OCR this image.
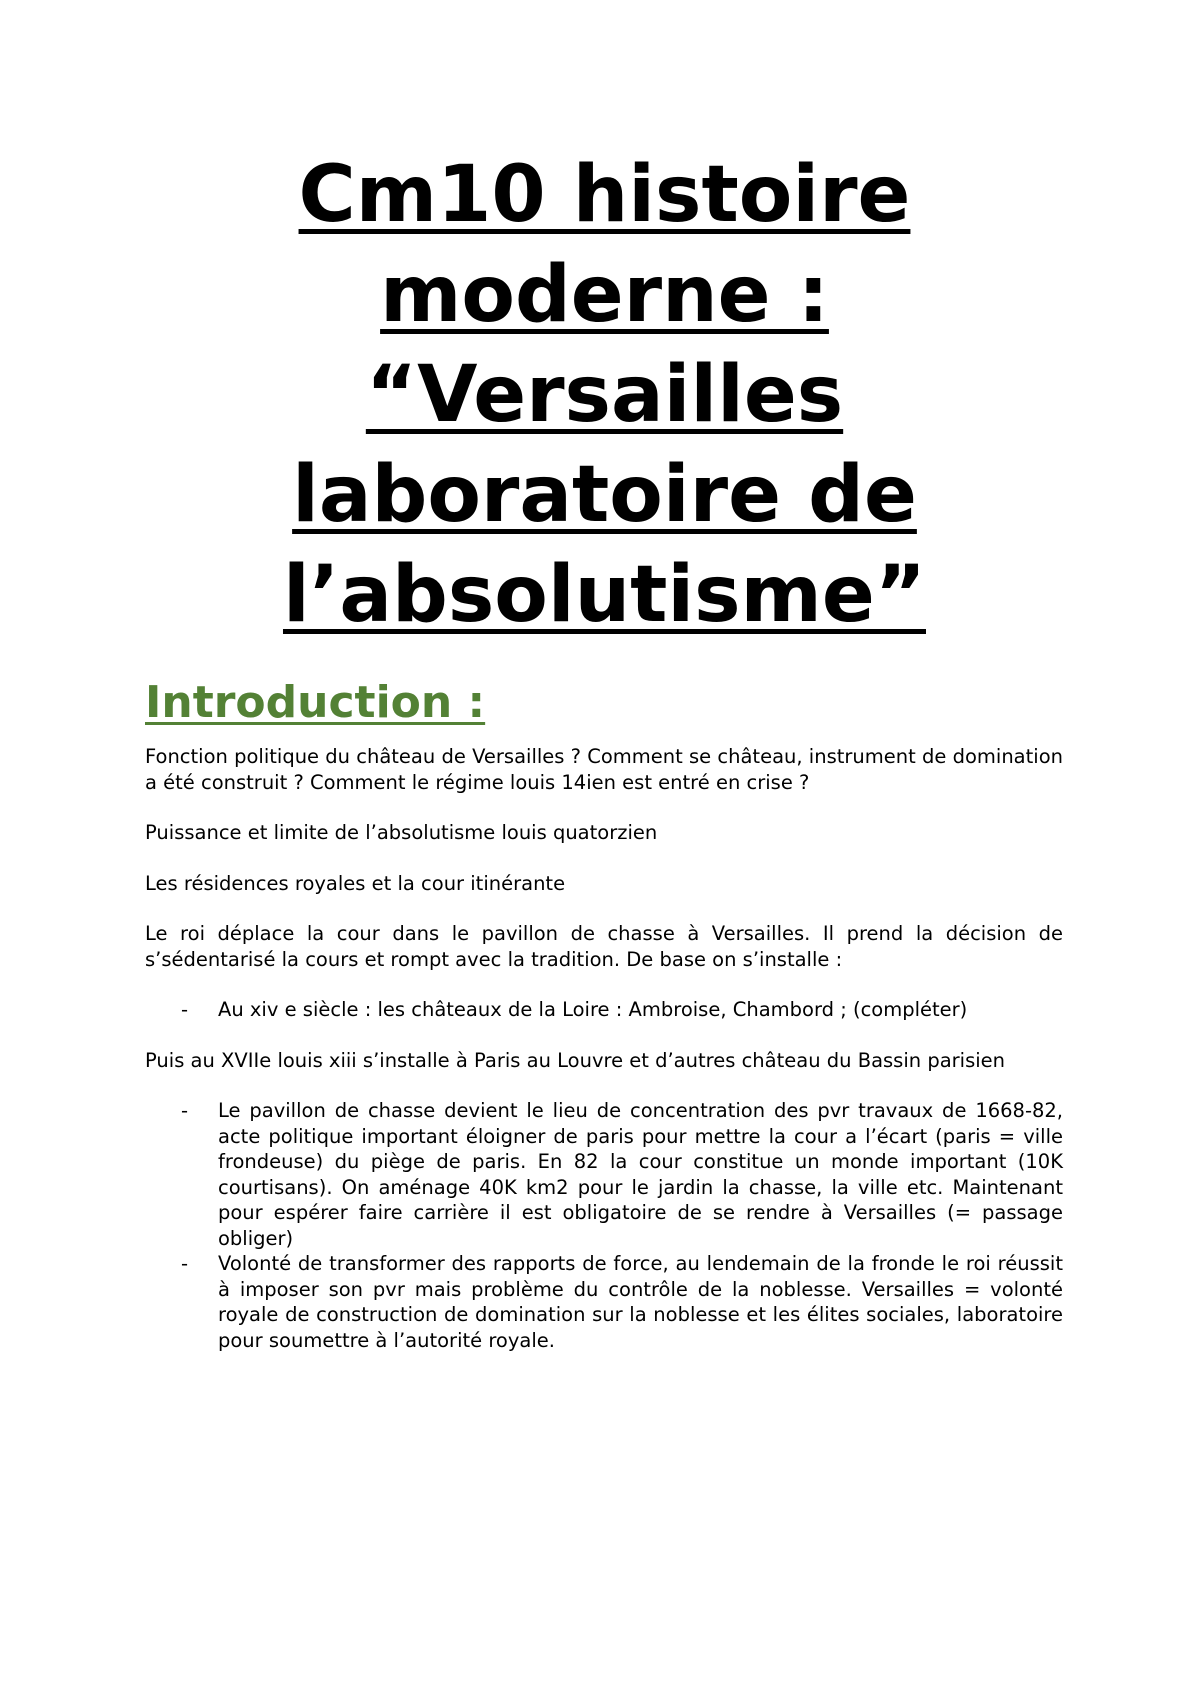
Cm10 histoire
moderne :
“Versailles
laboratoire de
l’absolutisme”
Introduction :

Fonction politique du château de Versailles ? Comment se château, instrument de domination a été construit ? Comment le régime louis 14ien est entré en crise ?

Puissance et limite de l’absolutisme louis quatorzien

Les résidences royales et la cour itinérante

Le roi déplace la cour dans le pavillon de chasse à Versailles. Il prend la décision de s’sédentarisé la cours et rompt avec la tradition. De base on s’installe :

- Au xiv e siècle : les châteaux de la Loire : Ambroise, Chambord ; (compléter)

Puis au XVIIe louis xiii s’installe à Paris au Louvre et d’autres château du Bassin parisien

- Le pavillon de chasse devient le lieu de concentration des pvr travaux de 1668-82, acte politique important éloigner de paris pour mettre la cour a l’écart (paris = ville frondeuse) du piège de paris. En 82 la cour constitue un monde important (10K courtisans). On aménage 40K km2 pour le jardin la chasse, la ville etc. Maintenant pour espérer faire carrière il est obligatoire de se rendre à Versailles (= passage obliger)
- Volonté de transformer des rapports de force, au lendemain de la fronde le roi réussit à imposer son pvr mais problème du contrôle de la noblesse. Versailles = volonté royale de construction de domination sur la noblesse et les élites sociales, laboratoire pour soumettre à l’autorité royale.
